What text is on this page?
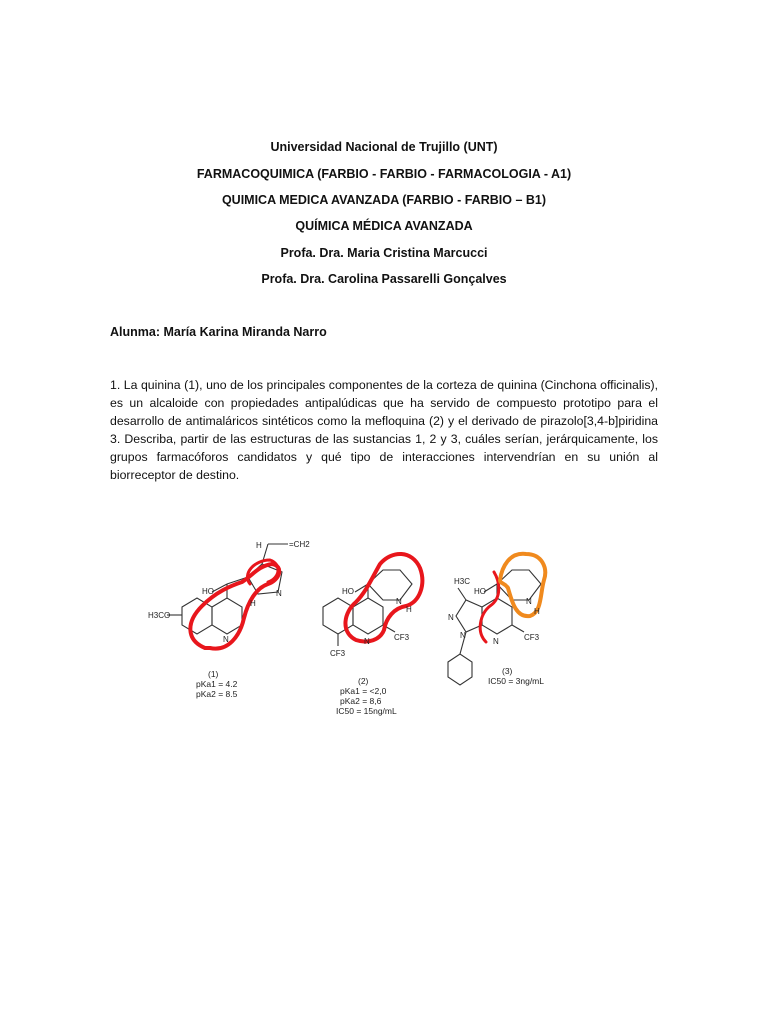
Universidad Nacional de Trujillo (UNT)
FARMACOQUIMICA (FARBIO - FARBIO - FARMACOLOGIA - A1)
QUIMICA MEDICA AVANZADA (FARBIO - FARBIO – B1)
QUÍMICA MÉDICA AVANZADA
Profa. Dra. Maria Cristina Marcucci
Profa. Dra. Carolina Passarelli Gonçalves
Alunma: María Karina Miranda Narro
1. La quinina (1), uno de los principales componentes de la corteza de quinina (Cinchona officinalis), es un alcaloide con propiedades antipalúdicas que ha servido de compuesto prototipo para el desarrollo de antimaláricos sintéticos como la mefloquina (2) y el derivado de pirazolo[3,4-b]piridina 3. Describa, partir de las estructuras de las sustancias 1, 2 y 3, cuáles serían, jerárquicamente, los grupos farmacóforos candidatos y qué tipo de interacciones intervendrían en su unión al biorreceptor de destino.
=CH2
H
HO	N
H
H3CO
N
HO
N
H
CF3
N	CF3
H3C
HO
N
H
N
N
N	CF3
(1)
pKa1 = 4.2
pKa2 = 8.5
(2)
pKa1 = <2,0
pKa2 = 8,6
IC50 = 15ng/mL
(3)
IC50 = 3ng/mL
